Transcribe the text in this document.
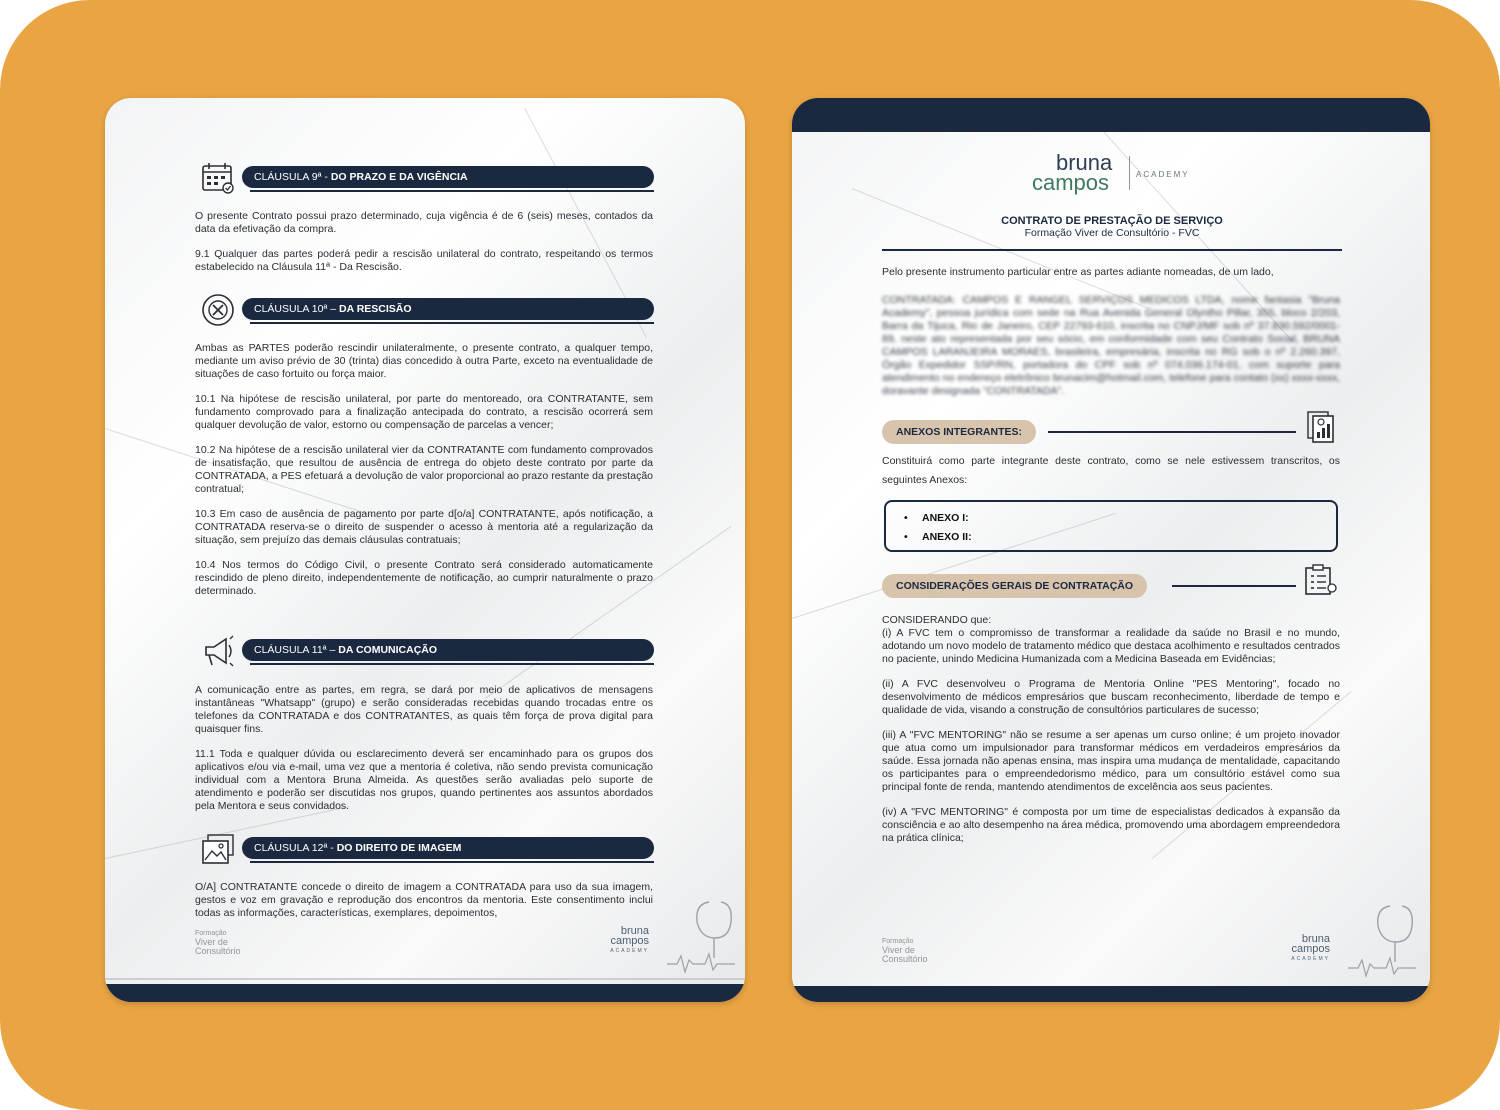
CLÁUSULA 9ª - DO PRAZO E DA VIGÊNCIA

O presente Contrato possui prazo determinado, cuja vigência é de 6 (seis) meses, contados da data da efetivação da compra.

9.1 Qualquer das partes poderá pedir a rescisão unilateral do contrato, respeitando os termos estabelecido na Cláusula 11ª - Da Rescisão.

CLÁUSULA 10ª – DA RESCISÃO

Ambas as PARTES poderão rescindir unilateralmente, o presente contrato, a qualquer tempo, mediante um aviso prévio de 30 (trinta) dias concedido à outra Parte, exceto na eventualidade de situações de caso fortuito ou força maior.

10.1 Na hipótese de rescisão unilateral, por parte do mentoreado, ora CONTRATANTE, sem fundamento comprovado para a finalização antecipada do contrato, a rescisão ocorrerá sem qualquer devolução de valor, estorno ou compensação de parcelas a vencer;

10.2 Na hipótese de a rescisão unilateral vier da CONTRATANTE com fundamento comprovados de insatisfação, que resultou de ausência de entrega do objeto deste contrato por parte da CONTRATADA, a PES efetuará a devolução de valor proporcional ao prazo restante da prestação contratual;

10.3 Em caso de ausência de pagamento por parte d[o/a] CONTRATANTE, após notificação, a CONTRATADA reserva-se o direito de suspender o acesso à mentoria até a regularização da situação, sem prejuízo das demais cláusulas contratuais;

10.4 Nos termos do Código Civil, o presente Contrato será considerado automaticamente rescindido de pleno direito, independentemente de notificação, ao cumprir naturalmente o prazo determinado.

CLÁUSULA 11ª – DA COMUNICAÇÃO

A comunicação entre as partes, em regra, se dará por meio de aplicativos de mensagens instantâneas "Whatsapp" (grupo) e serão consideradas recebidas quando trocadas entre os telefones da CONTRATADA e dos CONTRATANTES, as quais têm força de prova digital para quaisquer fins.

11.1 Toda e qualquer dúvida ou esclarecimento deverá ser encaminhado para os grupos dos aplicativos e/ou via e-mail, uma vez que a mentoria é coletiva, não sendo prevista comunicação individual com a Mentora Bruna Almeida. As questões serão avaliadas pelo suporte de atendimento e poderão ser discutidas nos grupos, quando pertinentes aos assuntos abordados pela Mentora e seus convidados.

CLÁUSULA 12ª - DO DIREITO DE IMAGEM

O/A] CONTRATANTE concede o direito de imagem a CONTRATADA para uso da sua imagem, gestos e voz em gravação e reprodução dos encontros da mentoria. Este consentimento inclui todas as informações, características, exemplares, depoimentos,

Formação
Viver de
Consultório
bruna
campos
ACADEMY
bruna
campos	ACADEMY
CONTRATO DE PRESTAÇÃO DE SERVIÇO
Formação Viver de Consultório - FVC

Pelo presente instrumento particular entre as partes adiante nomeadas, de um lado,

CONTRATADA: CAMPOS E RANGEL SERVIÇOS MEDICOS LTDA, nome fantasia "Bruna Academy", pessoa jurídica com sede na Rua Avenida General Olyntho Pillar, 355, bloco 2/203, Barra da Tijuca, Rio de Janeiro, CEP 22793-610, inscrita no CNPJ/MF sob nº 37.830.592/0001-89, neste ato representada por seu sócio, em conformidade com seu Contrato Social, BRUNA CAMPOS LARANJEIRA MORAES, brasileira, empresária, inscrita no RG sob o nº 2.260.397, Órgão Expedidor SSP/RN, portadora do CPF sob nº 074.036.174-01, com suporte para atendimento no endereço eletrônico brunacim@hotmail.com, telefone para contato (xx) xxxx-xxxx, doravante designada "CONTRATADA".

ANEXOS INTEGRANTES:

Constituirá como parte integrante deste contrato, como se nele estivessem transcritos, os seguintes Anexos:

• ANEXO I:
• ANEXO II:
CONSIDERAÇÕES GERAIS DE CONTRATAÇÃO
CONSIDERANDO que:

(i) A FVC tem o compromisso de transformar a realidade da saúde no Brasil e no mundo, adotando um novo modelo de tratamento médico que destaca acolhimento e resultados centrados no paciente, unindo Medicina Humanizada com a Medicina Baseada em Evidências;

(ii) A FVC desenvolveu o Programa de Mentoria Online "PES Mentoring", focado no desenvolvimento de médicos empresários que buscam reconhecimento, liberdade de tempo e qualidade de vida, visando a construção de consultórios particulares de sucesso;

(iii) A "FVC MENTORING" não se resume a ser apenas um curso online; é um projeto inovador que atua como um impulsionador para transformar médicos em verdadeiros empresários da saúde. Essa jornada não apenas ensina, mas inspira uma mudança de mentalidade, capacitando os participantes para o empreendedorismo médico, para um consultório estável como sua principal fonte de renda, mantendo atendimentos de excelência aos seus pacientes.

(iv) A "FVC MENTORING" é composta por um time de especialistas dedicados à expansão da consciência e ao alto desempenho na área médica, promovendo uma abordagem empreendedora na prática clínica;

Formação
Viver de
Consultório
bruna
campos
ACADEMY
